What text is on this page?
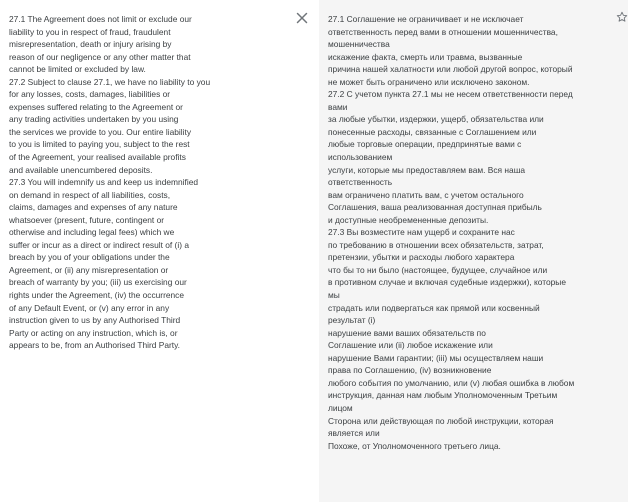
27.1 The Agreement does not limit or exclude our
liability to you in respect of fraud, fraudulent
misrepresentation, death or injury arising by
reason of our negligence or any other matter that
cannot be limited or excluded by law.
27.2 Subject to clause 27.1, we have no liability to you
for any losses, costs, damages, liabilities or
expenses suffered relating to the Agreement or
any trading activities undertaken by you using
the services we provide to you. Our entire liability
to you is limited to paying you, subject to the rest
of the Agreement, your realised available profits
and available unencumbered deposits.
27.3 You will indemnify us and keep us indemnified
on demand in respect of all liabilities, costs,
claims, damages and expenses of any nature
whatsoever (present, future, contingent or
otherwise and including legal fees) which we
suffer or incur as a direct or indirect result of (i) a
breach by you of your obligations under the
Agreement, or (ii) any misrepresentation or
breach of warranty by you; (iii) us exercising our
rights under the Agreement, (iv) the occurrence
of any Default Event, or (v) any error in any
instruction given to us by any Authorised Third
Party or acting on any instruction, which is, or
appears to be, from an Authorised Third Party.
27.1 Соглашение не ограничивает и не исключает
ответственность перед вами в отношении мошенничества,
мошенничества
искажение факта, смерть или травма, вызванные
причина нашей халатности или любой другой вопрос, который
не может быть ограничено или исключено законом.
27.2 С учетом пункта 27.1 мы не несем ответственности перед
вами
за любые убытки, издержки, ущерб, обязательства или
понесенные расходы, связанные с Соглашением или
любые торговые операции, предпринятые вами с
использованием
услуги, которые мы предоставляем вам. Вся наша
ответственность
вам ограничено платить вам, с учетом остального
Соглашения, ваша реализованная доступная прибыль
и доступные необремененные депозиты.
27.3 Вы возместите нам ущерб и сохраните нас
по требованию в отношении всех обязательств, затрат,
претензии, убытки и расходы любого характера
что бы то ни было (настоящее, будущее, случайное или
в противном случае и включая судебные издержки), которые
мы
страдать или подвергаться как прямой или косвенный
результат (i)
нарушение вами ваших обязательств по
Соглашение или (ii) любое искажение или
нарушение Вами гарантии; (iii) мы осуществляем наши
права по Соглашению, (iv) возникновение
любого события по умолчанию, или (v) любая ошибка в любом
инструкция, данная нам любым Уполномоченным Третьим
лицом
Сторона или действующая по любой инструкции, которая
является или
Похоже, от Уполномоченного третьего лица.
